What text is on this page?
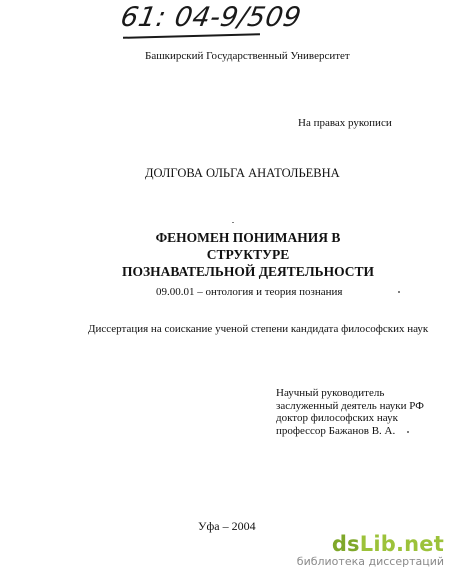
61: 04-9/509
Башкирский Государственный Университет
На правах рукописи
ДОЛГОВА ОЛЬГА АНАТОЛЬЕВНА
ФЕНОМЕН ПОНИМАНИЯ В СТРУКТУРЕ
ПОЗНАВАТЕЛЬНОЙ ДЕЯТЕЛЬНОСТИ
09.00.01 – онтология и теория познания
Диссертация на соискание ученой степени кандидата философских наук
Научный руководитель
заслуженный деятель науки РФ
доктор философских наук
профессор Бажанов В. А.
Уфа – 2004
dsLib.net
библиотека диссертаций
